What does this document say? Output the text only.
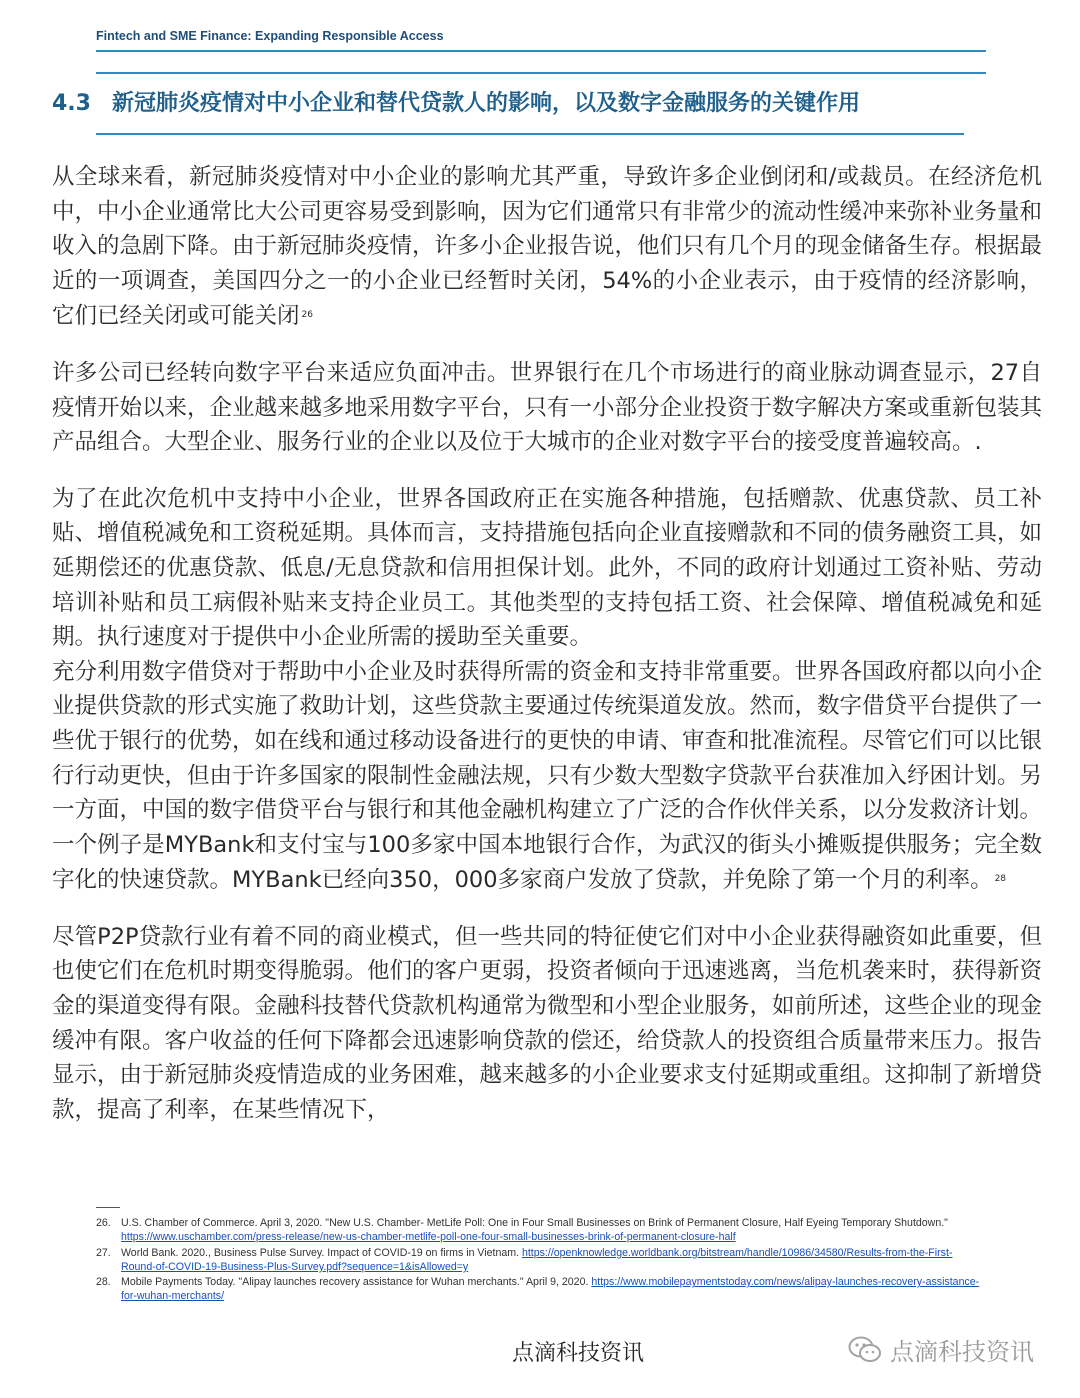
Fintech and SME Finance: Expanding Responsible Access
4.3 新冠肺炎疫情对中小企业和替代贷款人的影响，以及数字金融服务的关键作用

从全球来看，新冠肺炎疫情对中小企业的影响尤其严重，导致许多企业倒闭和/或裁员。在经济危机中，中小企业通常比大公司更容易受到影响，因为它们通常只有非常少的流动性缓冲来弥补业务量和收入的急剧下降。由于新冠肺炎疫情，许多小企业报告说，他们只有几个月的现金储备生存。根据最近的一项调查，美国四分之一的小企业已经暂时关闭，54%的小企业表示，由于疫情的经济影响，它们已经关闭或可能关闭 $^{26}$

许多公司已经转向数字平台来适应负面冲击。世界银行在几个市场进行的商业脉动调查显示，27自疫情开始以来，企业越来越多地采用数字平台，只有一小部分企业投资于数字解决方案或重新包装其产品组合。大型企业、服务行业的企业以及位于大城市的企业对数字平台的接受度普遍较高。.

为了在此次危机中支持中小企业，世界各国政府正在实施各种措施，包括赠款、优惠贷款、员工补贴、增值税减免和工资税延期。具体而言，支持措施包括向企业直接赠款和不同的债务融资工具，如延期偿还的优惠贷款、低息/无息贷款和信用担保计划。此外，不同的政府计划通过工资补贴、劳动培训补贴和员工病假补贴来支持企业员工。其他类型的支持包括工资、社会保障、增值税减免和延期。执行速度对于提供中小企业所需的援助至关重要。

充分利用数字借贷对于帮助中小企业及时获得所需的资金和支持非常重要。世界各国政府都以向小企业提供贷款的形式实施了救助计划，这些贷款主要通过传统渠道发放。然而，数字借贷平台提供了一些优于银行的优势，如在线和通过移动设备进行的更快的申请、审查和批准流程。尽管它们可以比银行行动更快，但由于许多国家的限制性金融法规，只有少数大型数字贷款平台获准加入纾困计划。另一方面，中国的数字借贷平台与银行和其他金融机构建立了广泛的合作伙伴关系，以分发救济计划。一个例子是MYBank和支付宝与100多家中国本地银行合作，为武汉的街头小摊贩提供服务；完全数字化的快速贷款。MYBank已经向350，000多家商户发放了贷款，并免除了第一个月的利率。 $^{28}$

尽管P2P贷款行业有着不同的商业模式，但一些共同的特征使它们对中小企业获得融资如此重要，但也使它们在危机时期变得脆弱。他们的客户更弱，投资者倾向于迅速逃离，当危机袭来时，获得新资金的渠道变得有限。金融科技替代贷款机构通常为微型和小型企业服务，如前所述，这些企业的现金缓冲有限。客户收益的任何下降都会迅速影响贷款的偿还，给贷款人的投资组合质量带来压力。报告显示，由于新冠肺炎疫情造成的业务困难，越来越多的小企业要求支付延期或重组。这抑制了新增贷款，提高了利率，在某些情况下，

26. U.S. Chamber of Commerce. April 3, 2020. "New U.S. Chamber- MetLife Poll: One in Four Small Businesses on Brink of Permanent Closure, Half Eyeing Temporary Shutdown." https://www.uschamber.com/press-release/new-us-chamber-metlife-poll-one-four-small-businesses-brink-of-permanent-closure-half
27. World Bank. 2020., Business Pulse Survey. Impact of COVID-19 on firms in Vietnam. https://openknowledge.worldbank.org/bitstream/handle/10986/34580/Results-from-the-First-Round-of-COVID-19-Business-Plus-Survey.pdf?sequence=1&isAllowed=y
28. Mobile Payments Today. "Alipay launches recovery assistance for Wuhan merchants." April 9, 2020. https://www.mobilepaymentstoday.com/news/alipay-launches-recovery-assistance-for-wuhan-merchants/
点滴科技资讯	点滴科技资讯
